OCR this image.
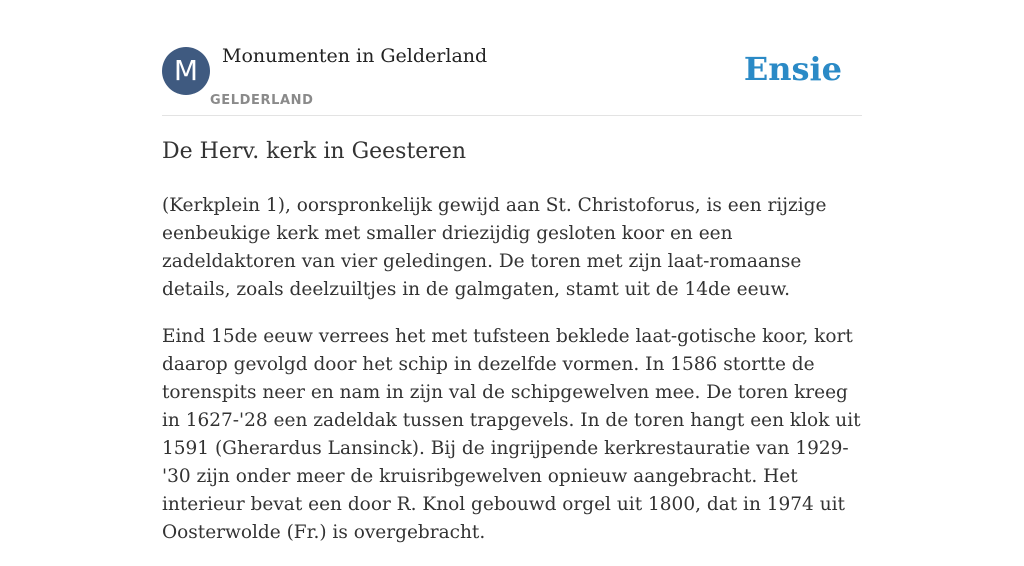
M	Monumenten in Gelderland
GELDERLAND
Ensie
De Herv. kerk in Geesteren

(Kerkplein 1), oorspronkelijk gewijd aan St. Christoforus, is een rijzige eenbeukige kerk met smaller driezijdig gesloten koor en een zadeldaktoren van vier geledingen. De toren met zijn laat-romaanse details, zoals deelzuiltjes in de galmgaten, stamt uit de 14de eeuw.

Eind 15de eeuw verrees het met tufsteen beklede laat-gotische koor, kort daarop gevolgd door het schip in dezelfde vormen. In 1586 stortte de torenspits neer en nam in zijn val de schipgewelven mee. De toren kreeg in 1627-'28 een zadeldak tussen trapgevels. In de toren hangt een klok uit 1591 (Gherardus Lansinck). Bij de ingrijpende kerkrestauratie van 1929-'30 zijn onder meer de kruisribgewelven opnieuw aangebracht. Het interieur bevat een door R. Knol gebouwd orgel uit 1800, dat in 1974 uit Oosterwolde (Fr.) is overgebracht.
